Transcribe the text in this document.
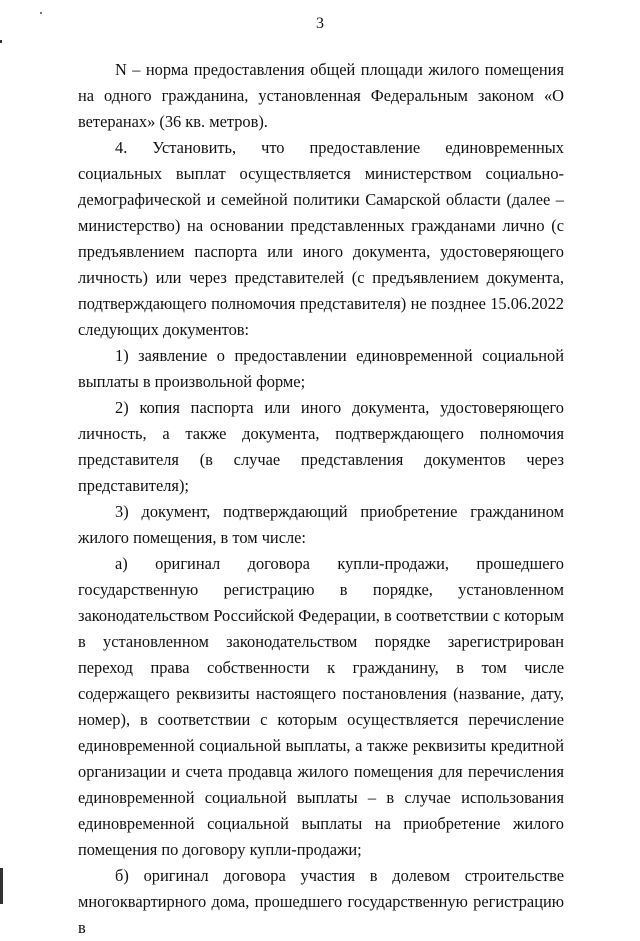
3

N – норма предоставления общей площади жилого помещения на одного гражданина, установленная Федеральным законом «О ветеранах» (36 кв. метров).

4. Установить, что предоставление единовременных социальных выплат осуществляется министерством социально-демографической и семейной политики Самарской области (далее – министерство) на основании представленных гражданами лично (с предъявлением паспорта или иного документа, удостоверяющего личность) или через представителей (с предъявлением документа, подтверждающего полномочия представителя) не позднее 15.06.2022 следующих документов:

1) заявление о предоставлении единовременной социальной выплаты в произвольной форме;

2) копия паспорта или иного документа, удостоверяющего личность, а также документа, подтверждающего полномочия представителя (в случае представления документов через представителя);

3) документ, подтверждающий приобретение гражданином жилого помещения, в том числе:

а) оригинал договора купли-продажи, прошедшего государственную регистрацию в порядке, установленном законодательством Российской Федерации, в соответствии с которым в установленном законодательством порядке зарегистрирован переход права собственности к гражданину, в том числе содержащего реквизиты настоящего постановления (название, дату, номер), в соответствии с которым осуществляется перечисление единовременной социальной выплаты, а также реквизиты кредитной организации и счета продавца жилого помещения для перечисления единовременной социальной выплаты – в случае использования единовременной социальной выплаты на приобретение жилого помещения по договору купли-продажи;

б) оригинал договора участия в долевом строительстве многоквартирного дома, прошедшего государственную регистрацию в
